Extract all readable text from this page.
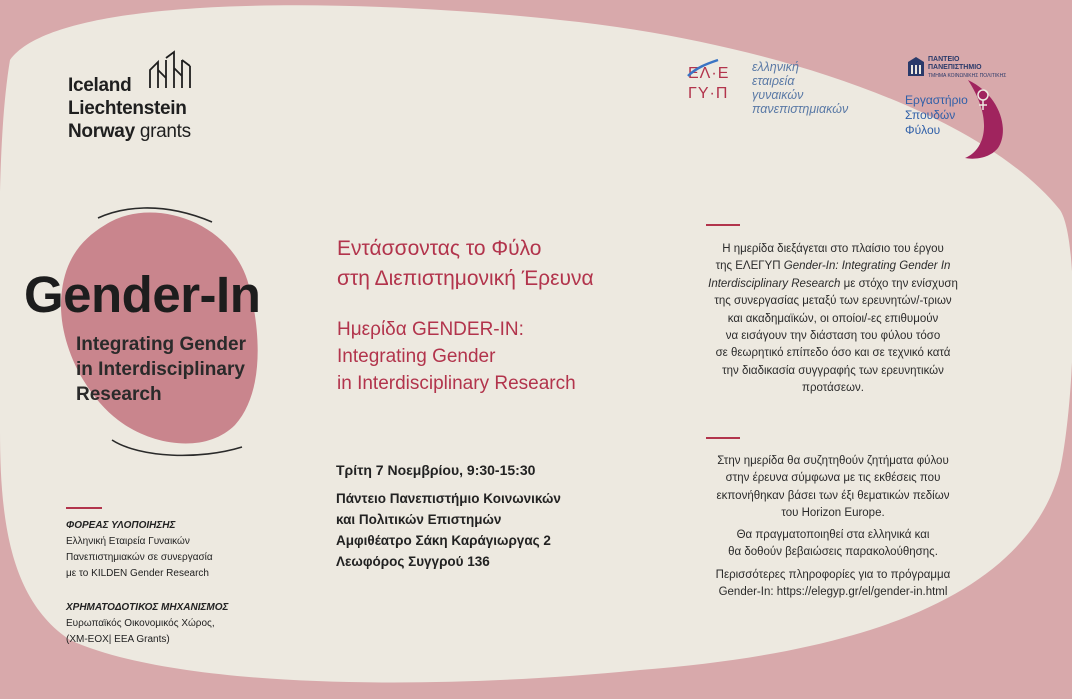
Iceland
Liechtenstein
Norway grants
ΕΛ·Ε
ΓΥ·Π
ελληνική
εταιρεία
γυναικών
πανεπιστημιακών
ΠΑΝΤΕΙΟ
ΠΑΝΕΠΙΣΤΗΜΙΟ
ΤΜΗΜΑ ΚΟΙΝΩΝΙΚΗΣ ΠΟΛΙΤΙΚΗΣ
Εργαστήριο
Σπουδών
Φύλου
Gender-In
Integrating Gender
in Interdisciplinary
Research
Εντάσσοντας το Φύλο
στη Διεπιστημονική Έρευνα
Ημερίδα GENDER-IN:
Integrating Gender
in Interdisciplinary Research
Τρίτη 7 Νοεμβρίου, 9:30-15:30
Πάντειο Πανεπιστήμιο Κοινωνικών
και Πολιτικών Επιστημών
Αμφιθέατρο Σάκη Καράγιωργας 2
Λεωφόρος Συγγρού 136
Η ημερίδα διεξάγεται στο πλαίσιο του έργου
της ΕΛΕΓΥΠ Gender-In: Integrating Gender In
Interdisciplinary Research με στόχο την ενίσχυση
της συνεργασίας μεταξύ των ερευνητών/-τριων
και ακαδημαϊκών, οι οποίοι/-ες επιθυμούν
να εισάγουν την διάσταση του φύλου τόσο
σε θεωρητικό επίπεδο όσο και σε τεχνικό κατά
την διαδικασία συγγραφής των ερευνητικών
προτάσεων.
Στην ημερίδα θα συζητηθούν ζητήματα φύλου
στην έρευνα σύμφωνα με τις εκθέσεις που
εκπονήθηκαν βάσει των έξι θεματικών πεδίων
του Horizon Europe.
Θα πραγματοποιηθεί στα ελληνικά και
θα δοθούν βεβαιώσεις παρακολούθησης.
Περισσότερες πληροφορίες για το πρόγραμμα
Gender-In: https://elegyp.gr/el/gender-in.html
ΦΟΡΕΑΣ ΥΛΟΠΟΙΗΣΗΣ
Ελληνική Εταιρεία Γυναικών
Πανεπιστημιακών σε συνεργασία
με το KILDEN Gender Research
ΧΡΗΜΑΤΟΔΟΤΙΚΟΣ ΜΗΧΑΝΙΣΜΟΣ
Ευρωπαϊκός Οικονομικός Χώρος,
(ΧΜ-ΕΟΧ| EEA Grants)
